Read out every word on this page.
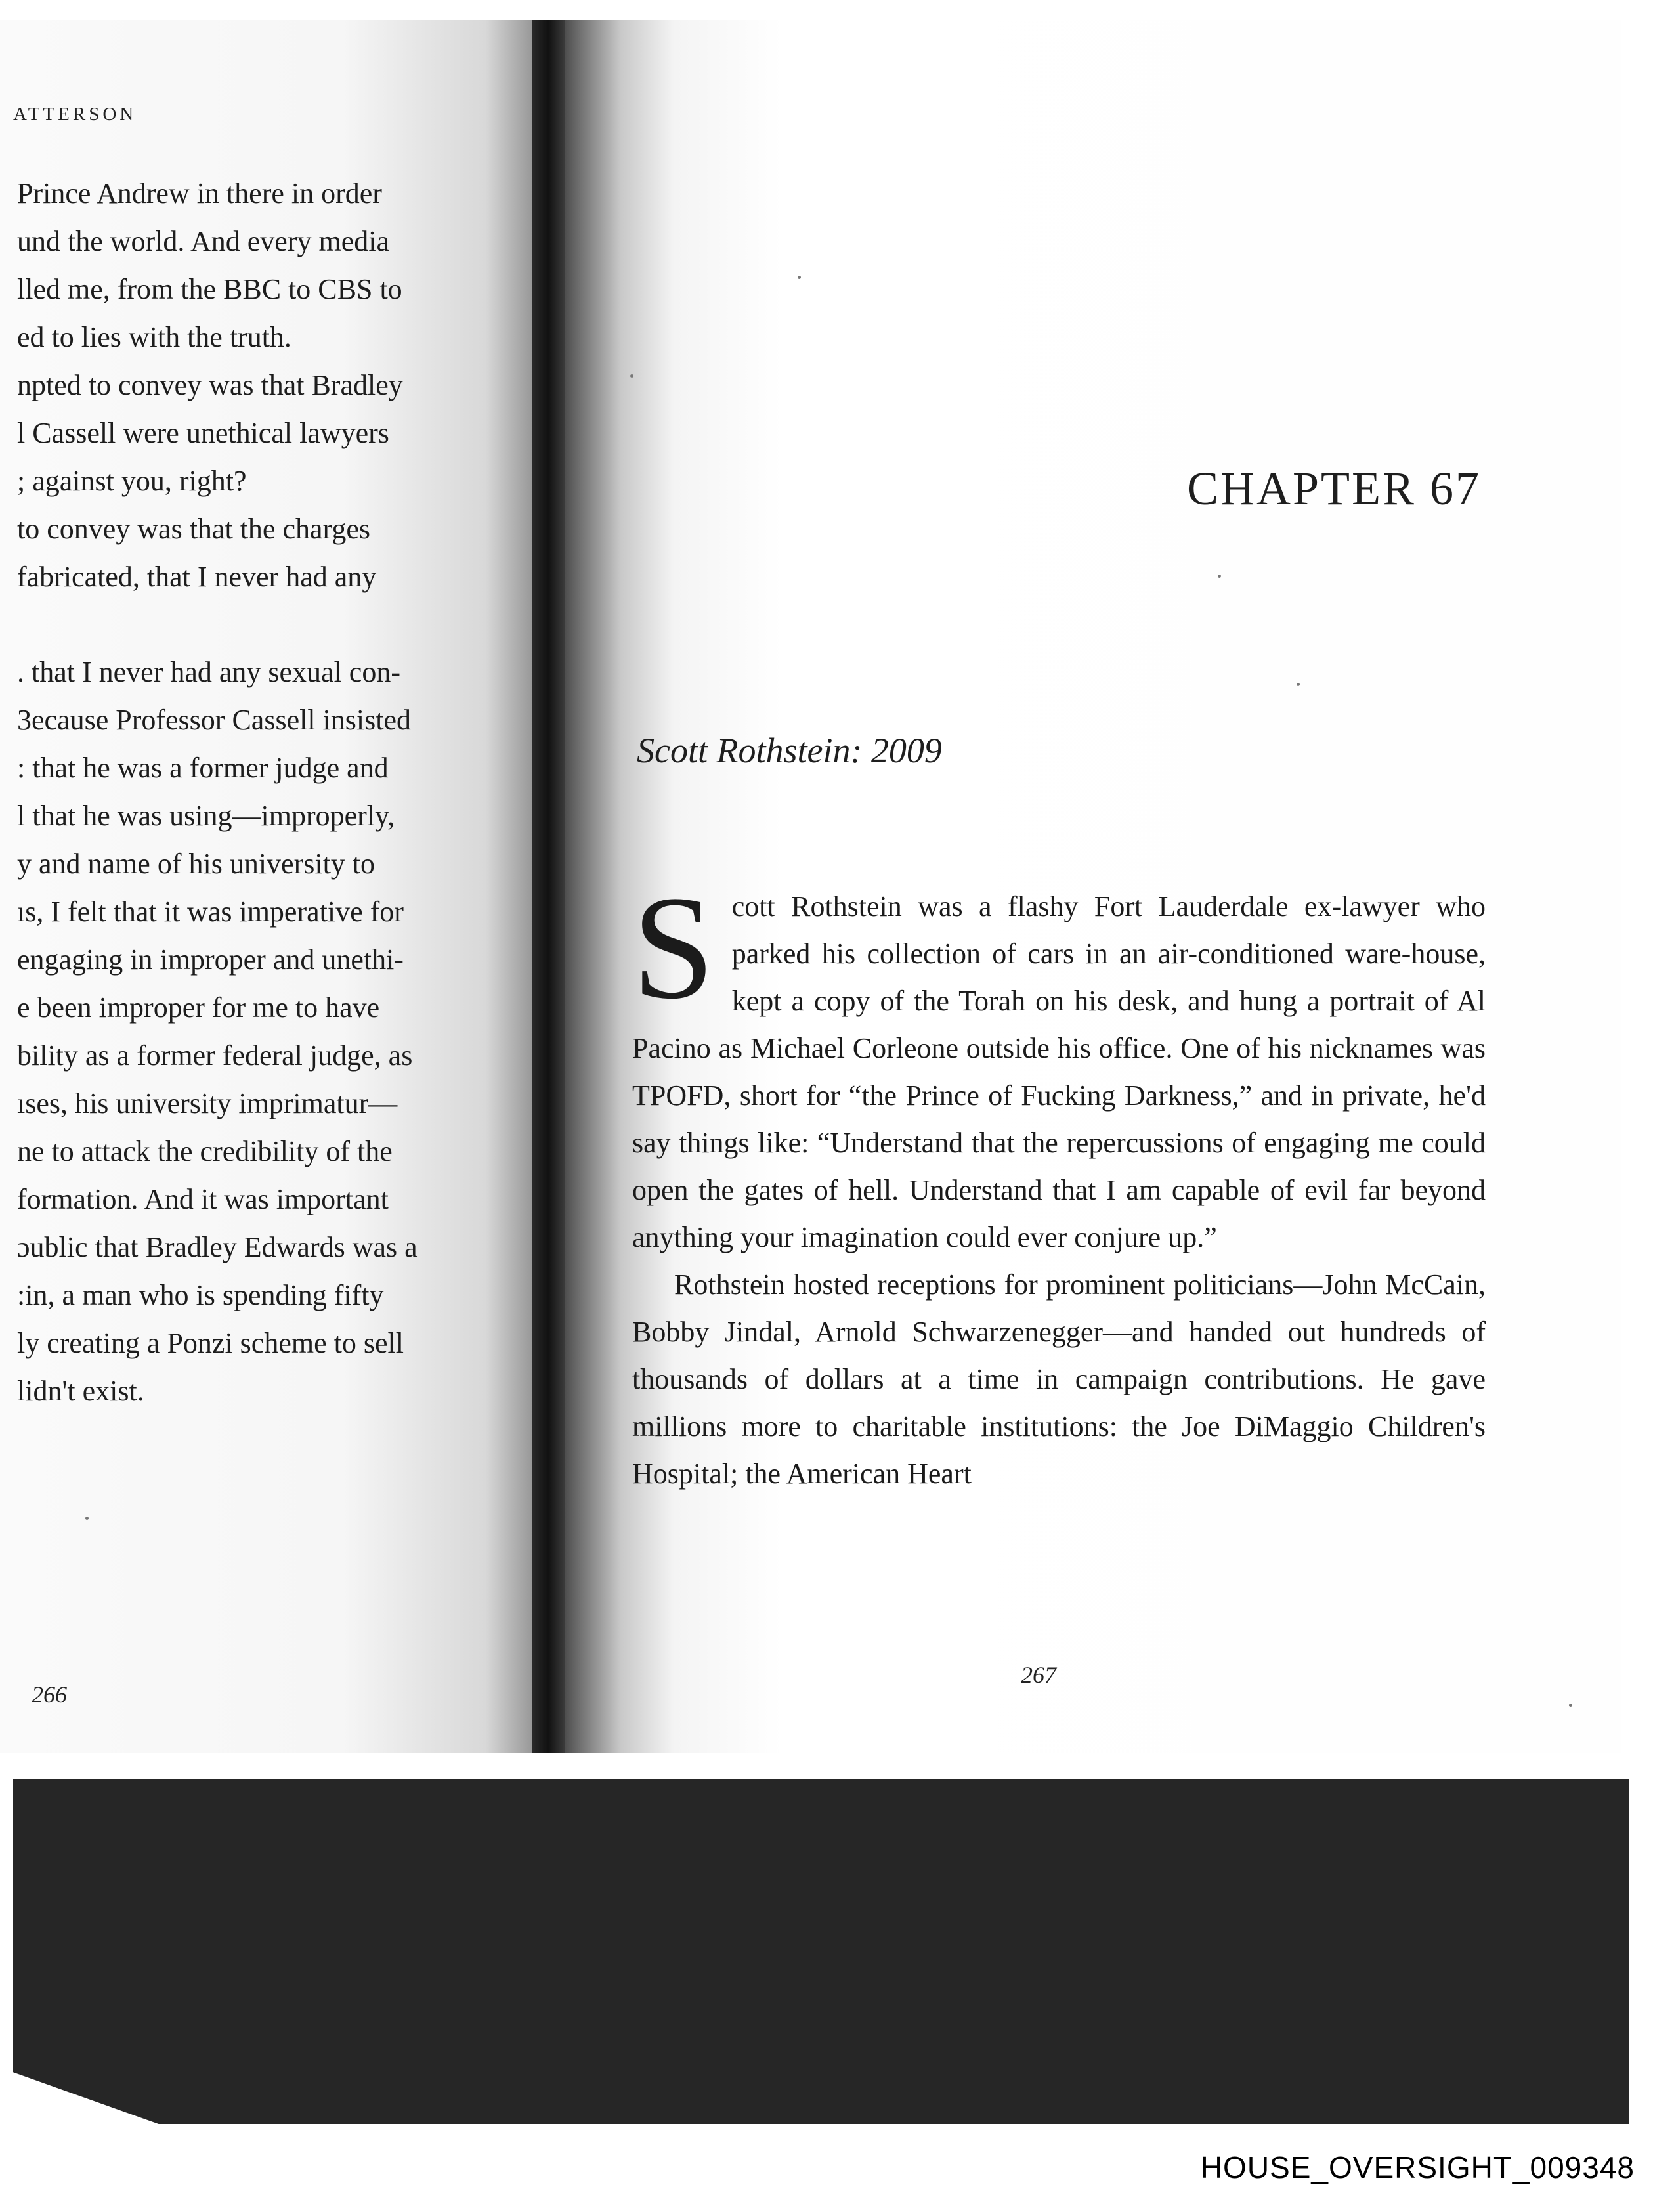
ATTERSON
Prince Andrew in there in order
und the world. And every media
lled me, from the BBC to CBS to
ed to lies with the truth.
npted to convey was that Bradley
l Cassell were unethical lawyers
; against you, right?
to convey was that the charges
fabricated, that I never had any
. that I never had any sexual con-
3ecause Professor Cassell insisted
: that he was a former judge and
l that he was using—improperly,
y and name of his university to
ıs, I felt that it was imperative for
engaging in improper and unethi-
e been improper for me to have
bility as a former federal judge, as
ıses, his university imprimatur—
ne to attack the credibility of the
formation. And it was important
ɔublic that Bradley Edwards was a
:in, a man who is spending fifty
ly creating a Ponzi scheme to sell
lidn't exist.
266
CHAPTER 67
Scott Rothstein: 2009

Scott Rothstein was a flashy Fort Lauderdale ex-lawyer who parked his collection of cars in an air-conditioned ware-house, kept a copy of the Torah on his desk, and hung a portrait of Al Pacino as Michael Corleone outside his office. One of his nicknames was TPOFD, short for “the Prince of Fucking Darkness,” and in private, he'd say things like: “Understand that the repercussions of engaging me could open the gates of hell. Understand that I am capable of evil far beyond anything your imagination could ever conjure up.”

Rothstein hosted receptions for prominent politicians—John McCain, Bobby Jindal, Arnold Schwarzenegger—and handed out hundreds of thousands of dollars at a time in campaign contributions. He gave millions more to charitable institutions: the Joe DiMaggio Children's Hospital; the American Heart

267
HOUSE_OVERSIGHT_009348
